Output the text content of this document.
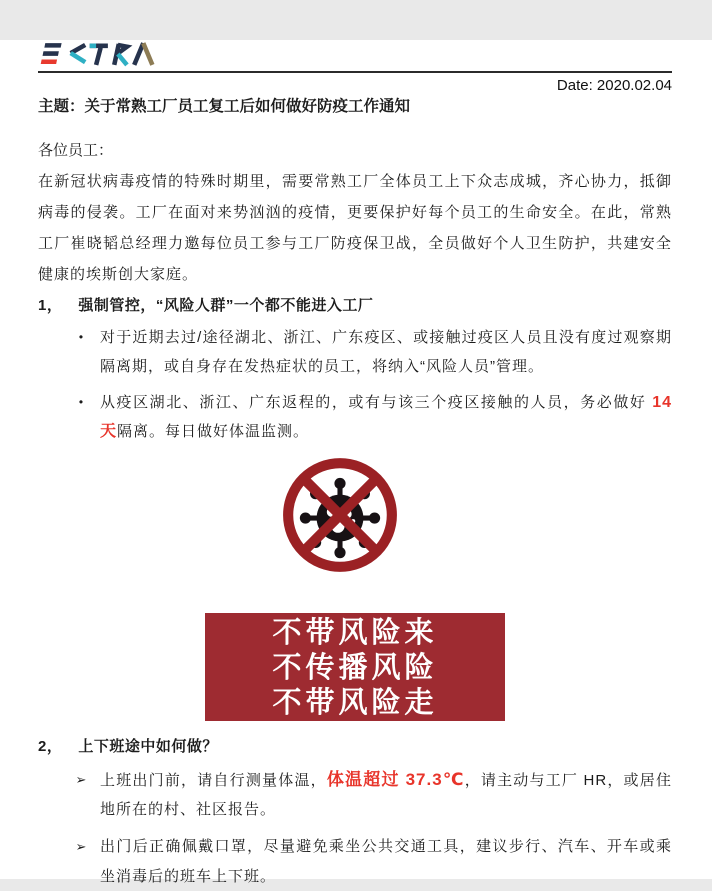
Date: 2020.02.04
主题：关于常熟工厂员工复工后如何做好防疫工作通知

各位员工：

在新冠状病毒疫情的特殊时期里，需要常熟工厂全体员工上下众志成城，齐心协力，抵御病毒的侵袭。工厂在面对来势汹汹的疫情，更要保护好每个员工的生命安全。在此，常熟工厂崔晓韬总经理力邀每位员工参与工厂防疫保卫战，全员做好个人卫生防护，共建安全健康的埃斯创大家庭。

1， 强制管控，“风险人群”一个都不能进入工厂
•	对于近期去过/途径湖北、浙江、广东疫区、或接触过疫区人员且没有度过观察期隔离期，或自身存在发热症状的员工，将纳入“风险人员”管理。

•	从疫区湖北、浙江、广东返程的，或有与该三个疫区接触的人员，务必做好 14 天隔离。每日做好体温监测。

不带风险来
不传播风险
不带风险走
2， 上下班途中如何做？
➢ 上班出门前，请自行测量体温，体温超过 37.3℃，请主动与工厂 HR，或居住地所在的村、社区报告。

➢ 出门后正确佩戴口罩，尽量避免乘坐公共交通工具，建议步行、汽车、开车或乘坐消毒后的班车上下班。
